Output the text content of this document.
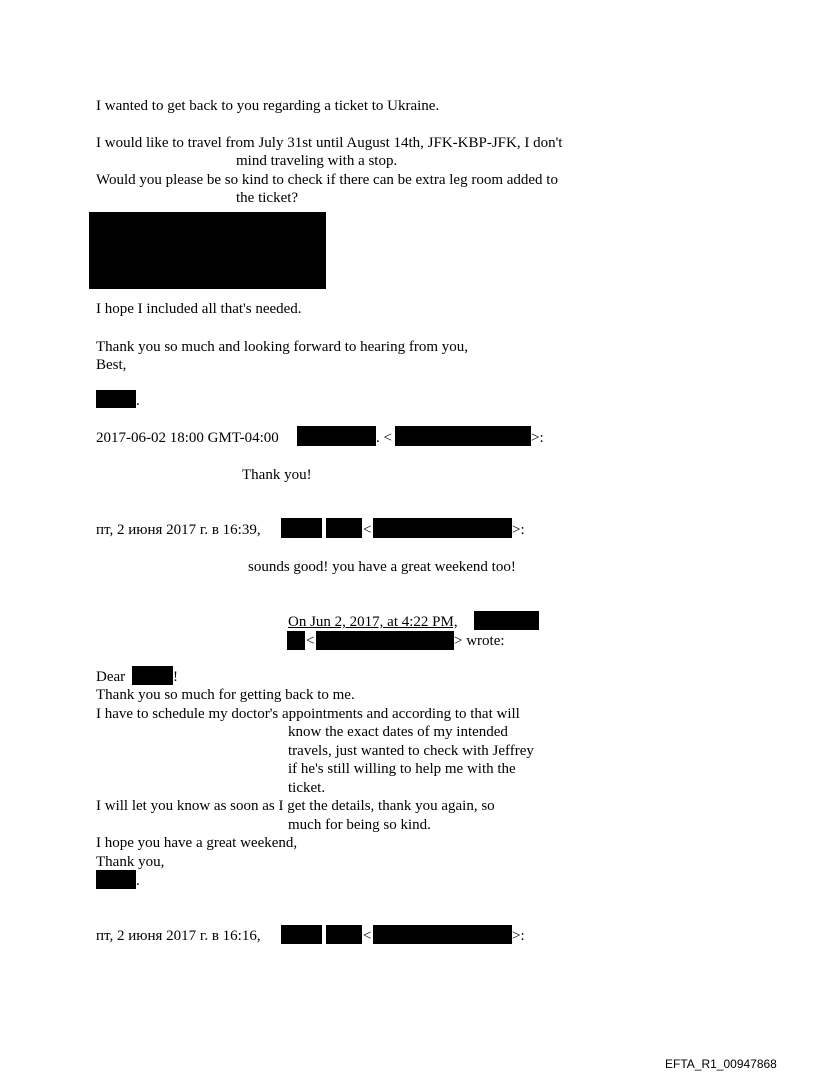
I wanted to get back to you regarding a ticket to Ukraine.
I would like to travel from July 31st until August 14th, JFK-KBP-JFK, I don't
mind traveling with a stop.
Would you please be so kind to check if there can be extra leg room added to
the ticket?
I hope I included all that's needed.
Thank you so much and looking forward to hearing from you,
Best,
.
2017-06-02 18:00 GMT-04:00	. <	>:
Thank you!
пт, 2 июня 2017 г. в 16:39,	<	>:
sounds good! you have a great weekend too!
On Jun 2, 2017, at 4:22 PM,
<	> wrote:
Dear	!
Thank you so much for getting back to me.
I have to schedule my doctor's appointments and according to that will
know the exact dates of my intended
travels, just wanted to check with Jeffrey
if he's still willing to help me with the
ticket.
I will let you know as soon as I get the details, thank you again, so
much for being so kind.
I hope you have a great weekend,
Thank you,
.
пт, 2 июня 2017 г. в 16:16,	<	>:
EFTA_R1_00947868
